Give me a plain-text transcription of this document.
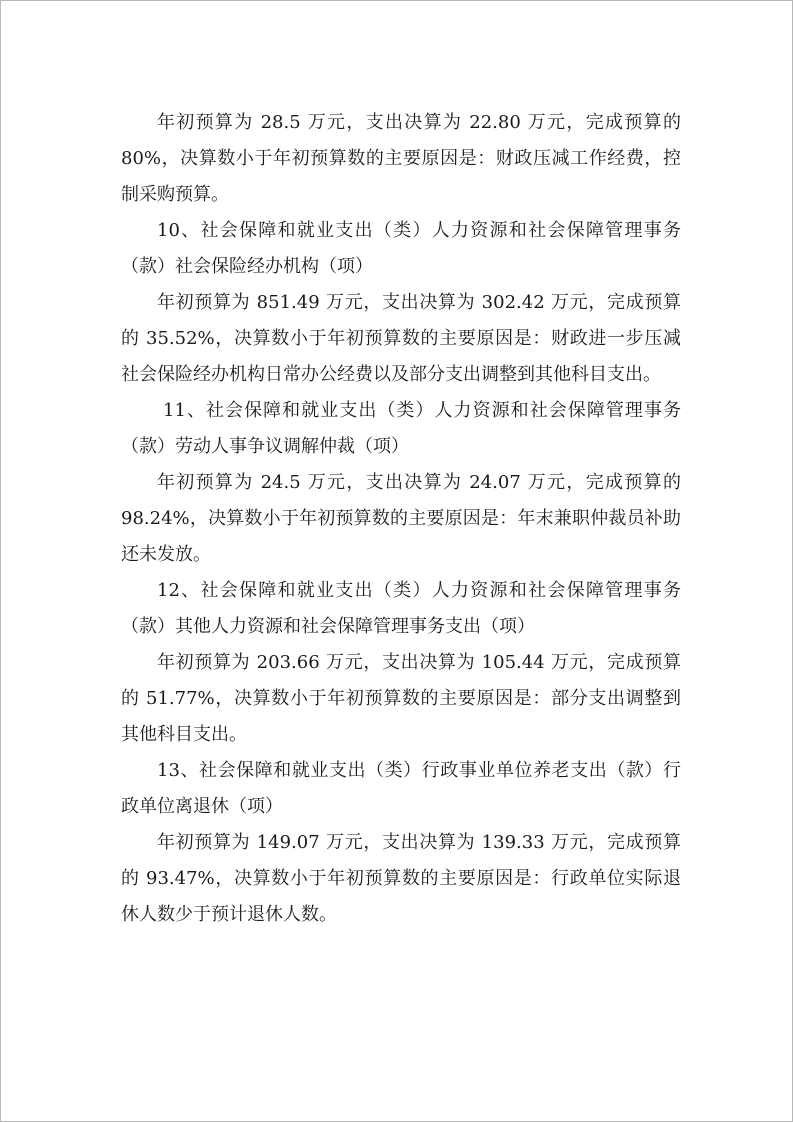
年初预算为 28.5 万元，支出决算为 22.80 万元，完成预算的 80%，决算数小于年初预算数的主要原因是：财政压减工作经费，控制采购预算。

10、社会保障和就业支出（类）人力资源和社会保障管理事务（款）社会保险经办机构（项）

年初预算为 851.49 万元，支出决算为 302.42 万元，完成预算的 35.52%，决算数小于年初预算数的主要原因是：财政进一步压减社会保险经办机构日常办公经费以及部分支出调整到其他科目支出。

11、社会保障和就业支出（类）人力资源和社会保障管理事务（款）劳动人事争议调解仲裁（项）

年初预算为 24.5 万元，支出决算为 24.07 万元，完成预算的 98.24%，决算数小于年初预算数的主要原因是：年末兼职仲裁员补助还未发放。

12、社会保障和就业支出（类）人力资源和社会保障管理事务（款）其他人力资源和社会保障管理事务支出（项）

年初预算为 203.66 万元，支出决算为 105.44 万元，完成预算的 51.77%，决算数小于年初预算数的主要原因是：部分支出调整到其他科目支出。

13、社会保障和就业支出（类）行政事业单位养老支出（款）行政单位离退休（项）

年初预算为 149.07 万元，支出决算为 139.33 万元，完成预算的 93.47%，决算数小于年初预算数的主要原因是：行政单位实际退休人数少于预计退休人数。
